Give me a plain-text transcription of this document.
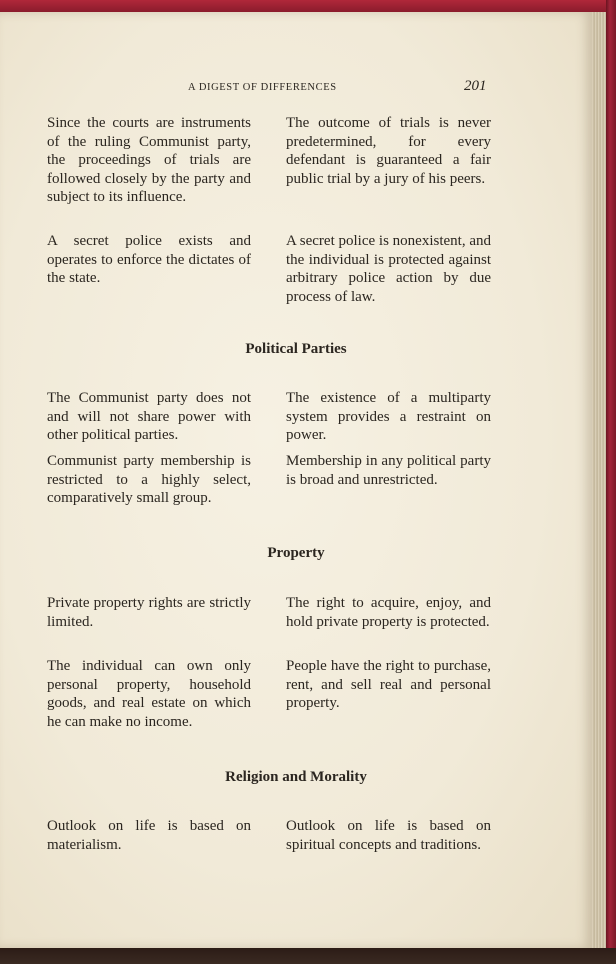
A DIGEST OF DIFFERENCES	201

Since the courts are instruments of the ruling Communist party, the proceedings of trials are followed closely by the party and subject to its influence.

The outcome of trials is never predetermined, for every defendant is guaranteed a fair public trial by a jury of his peers.

A secret police exists and operates to enforce the dictates of the state.

A secret police is nonexistent, and the individual is protected against arbitrary police action by due process of law.

Political Parties

The Communist party does not and will not share power with other political parties.

The existence of a multiparty system provides a restraint on power.

Communist party membership is restricted to a highly select, comparatively small group.

Membership in any political party is broad and unrestricted.

Property

Private property rights are strictly limited.

The right to acquire, enjoy, and hold private property is protected.

The individual can own only personal property, household goods, and real estate on which he can make no income.

People have the right to purchase, rent, and sell real and personal property.

Religion and Morality

Outlook on life is based on materialism.

Outlook on life is based on spiritual concepts and traditions.
